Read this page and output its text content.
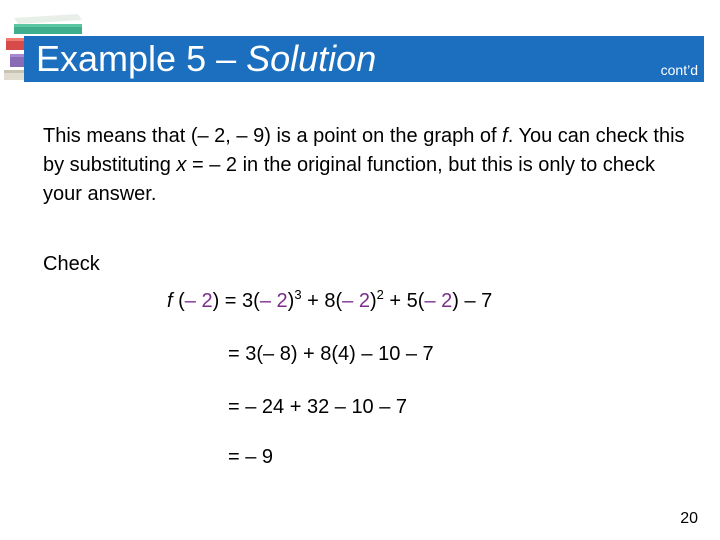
Example 5 – Solution	cont’d
This means that (– 2, – 9) is a point on the graph of f. You can check this by substituting x = – 2 in the original function, but this is only to check your answer.
Check
f (– 2) = 3(– 2)$^3$ + 8(– 2)$^2$ + 5(– 2) – 7
= 3(– 8) + 8(4) – 10 – 7
= – 24 + 32 – 10 – 7
= – 9
20
